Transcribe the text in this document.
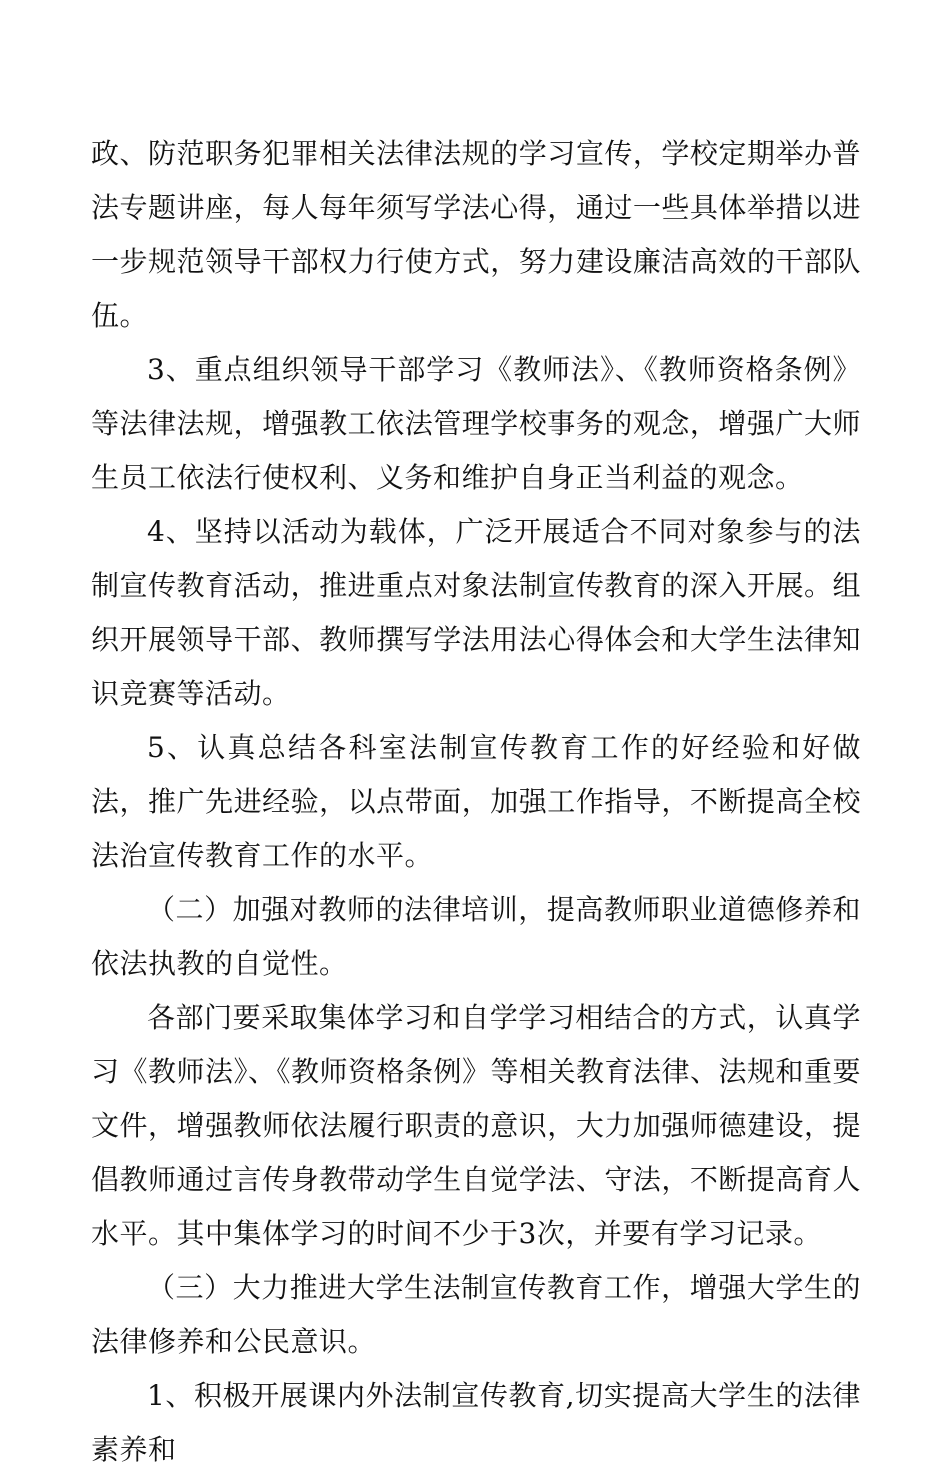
政、防范职务犯罪相关法律法规的学习宣传，学校定期举办普法专题讲座，每人每年须写学法心得，通过一些具体举措以进一步规范领导干部权力行使方式，努力建设廉洁高效的干部队伍。

3、重点组织领导干部学习《教师法》、《教师资格条例》等法律法规，增强教工依法管理学校事务的观念，增强广大师生员工依法行使权利、义务和维护自身正当利益的观念。

4、坚持以活动为载体，广泛开展适合不同对象参与的法制宣传教育活动，推进重点对象法制宣传教育的深入开展。组织开展领导干部、教师撰写学法用法心得体会和大学生法律知识竞赛等活动。

5、认真总结各科室法制宣传教育工作的好经验和好做法，推广先进经验，以点带面，加强工作指导，不断提高全校法治宣传教育工作的水平。

（二）加强对教师的法律培训，提高教师职业道德修养和依法执教的自觉性。

各部门要采取集体学习和自学学习相结合的方式，认真学习《教师法》、《教师资格条例》等相关教育法律、法规和重要文件，增强教师依法履行职责的意识，大力加强师德建设，提倡教师通过言传身教带动学生自觉学法、守法，不断提高育人水平。其中集体学习的时间不少于3次，并要有学习记录。

（三）大力推进大学生法制宣传教育工作，增强大学生的法律修养和公民意识。

1、积极开展课内外法制宣传教育,切实提高大学生的法律素养和
